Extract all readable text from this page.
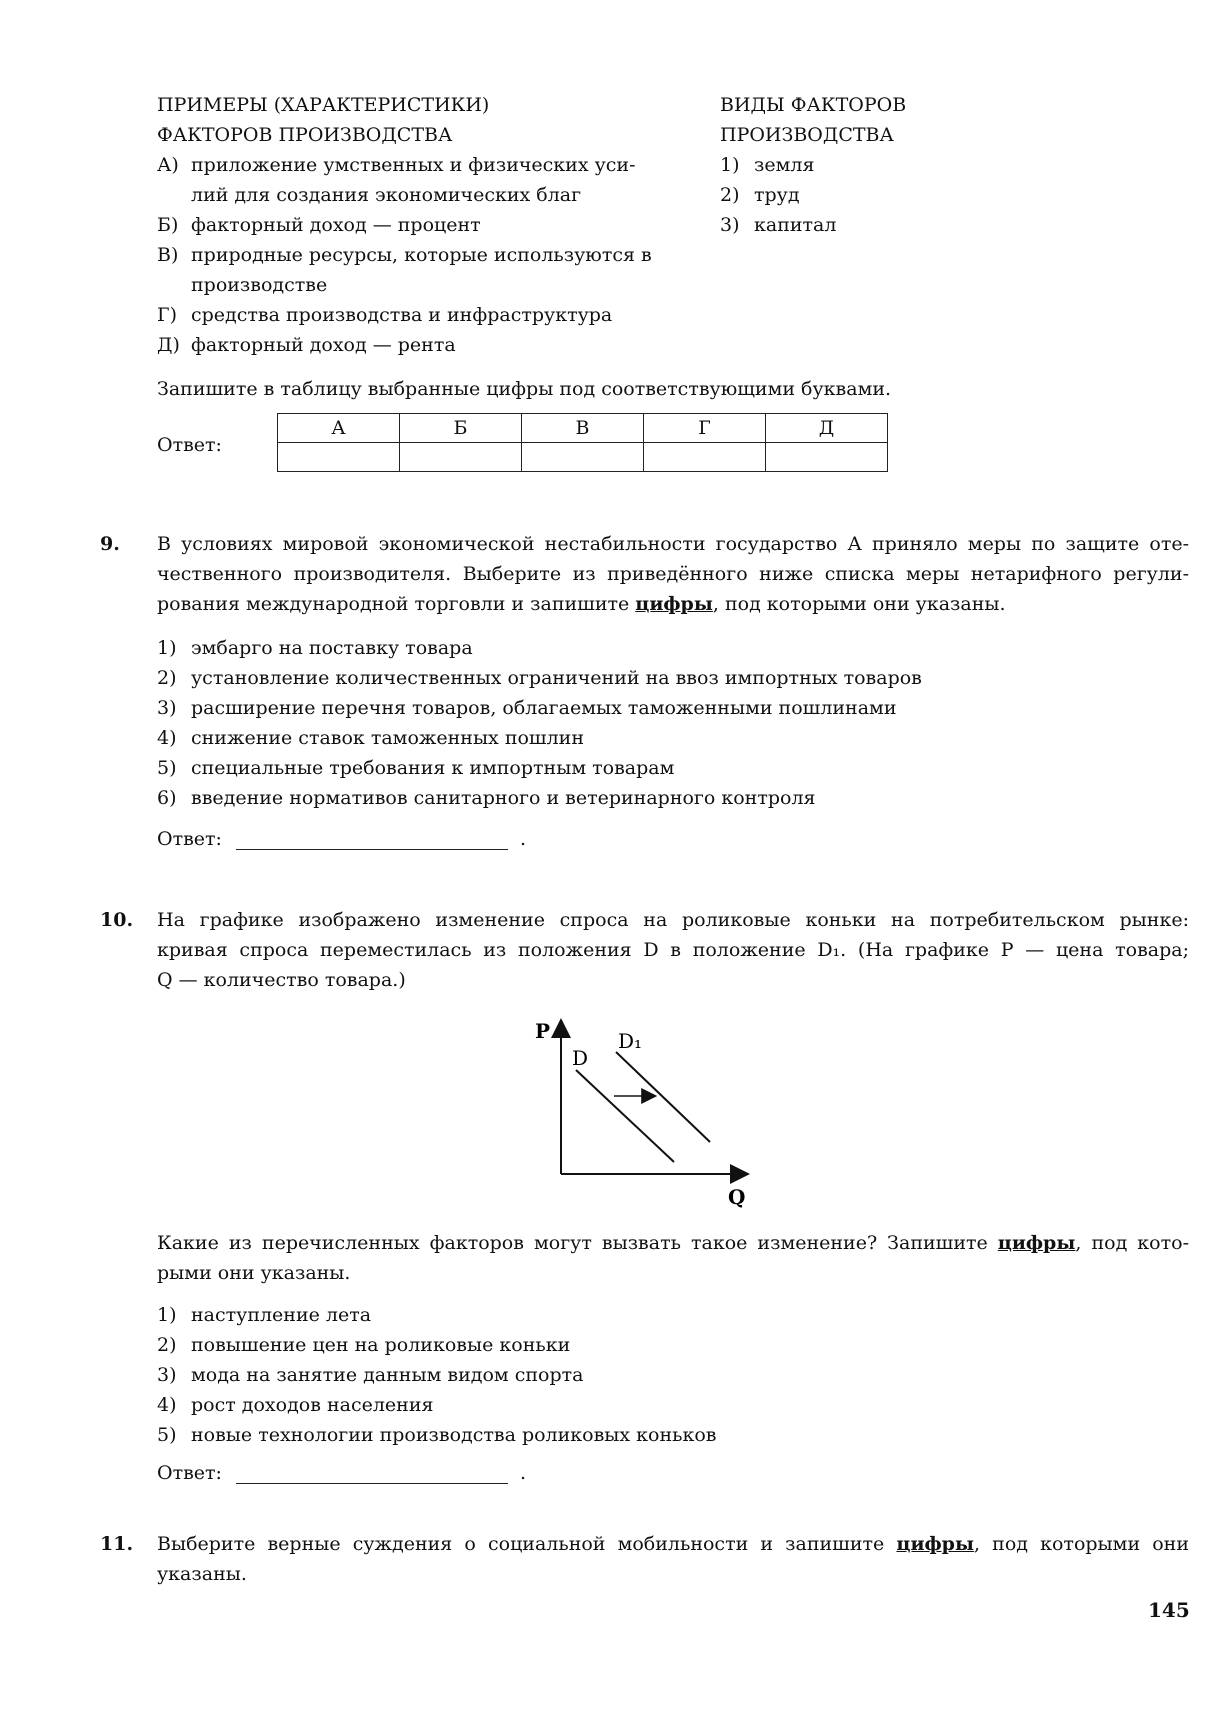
ПРИМЕРЫ (ХАРАКТЕРИСТИКИ)
ФАКТОРОВ ПРОИЗВОДСТВА
А) приложение умственных и физических уси-
лий для создания экономических благ
Б) факторный доход — процент
В) природные ресурсы, которые используются в
производстве
Г) средства производства и инфраструктура
Д) факторный доход — рента
ВИДЫ ФАКТОРОВ
ПРОИЗВОДСТВА
1) земля
2) труд
3) капитал
Запишите в таблицу выбранные цифры под соответствующими буквами.
Ответ:
А	Б	В	Г	Д

9. В условиях мировой экономической нестабильности государство А приняло меры по защите оте-
чественного производителя. Выберите из приведённого ниже списка меры нетарифного регули-
рования международной торговли и запишите цифры, под которыми они указаны.
1) эмбарго на поставку товара
2) установление количественных ограничений на ввоз импортных товаров
3) расширение перечня товаров, облагаемых таможенными пошлинами
4) снижение ставок таможенных пошлин
5) специальные требования к импортным товарам
6) введение нормативов санитарного и ветеринарного контроля
Ответ:	.
10. На графике изображено изменение спроса на роликовые коньки на потребительском рынке:
кривая спроса переместилась из положения D в положение D₁. (На графике P — цена товара;
Q — количество товара.)
P
Q
D
D₁
Какие из перечисленных факторов могут вызвать такое изменение? Запишите цифры, под кото-
рыми они указаны.
1) наступление лета
2) повышение цен на роликовые коньки
3) мода на занятие данным видом спорта
4) рост доходов населения
5) новые технологии производства роликовых коньков
Ответ:	.
11. Выберите верные суждения о социальной мобильности и запишите цифры, под которыми они
указаны.
145
